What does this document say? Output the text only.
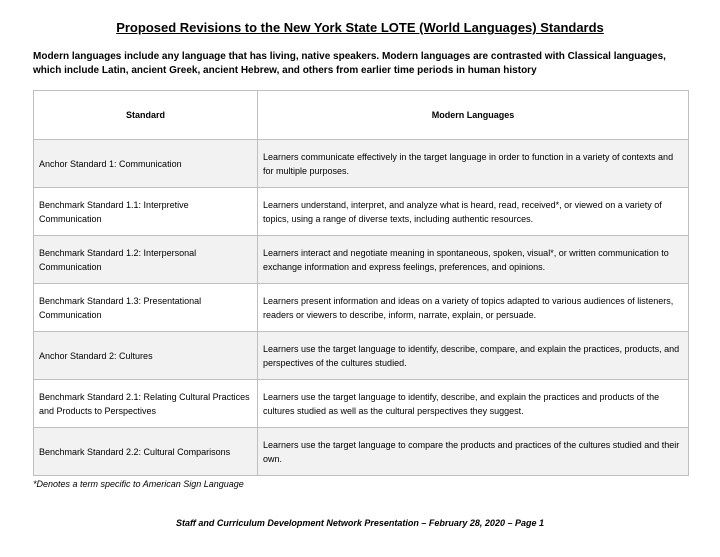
Proposed Revisions to the New York State LOTE (World Languages) Standards
Modern languages include any language that has living, native speakers. Modern languages are contrasted with Classical languages, which include Latin, ancient Greek, ancient Hebrew, and others from earlier time periods in human history
Standard	Modern Languages
Anchor Standard 1: Communication	Learners communicate effectively in the target language in order to function in a variety of contexts and for multiple purposes.
Benchmark Standard 1.1: Interpretive Communication	Learners understand, interpret, and analyze what is heard, read, received*, or viewed on a variety of topics, using a range of diverse texts, including authentic resources.
Benchmark Standard 1.2: Interpersonal Communication	Learners interact and negotiate meaning in spontaneous, spoken, visual*, or written communication to exchange information and express feelings, preferences, and opinions.
Benchmark Standard 1.3: Presentational Communication	Learners present information and ideas on a variety of topics adapted to various audiences of listeners, readers or viewers to describe, inform, narrate, explain, or persuade.
Anchor Standard 2: Cultures	Learners use the target language to identify, describe, compare, and explain the practices, products, and perspectives of the cultures studied.
Benchmark Standard 2.1: Relating Cultural Practices and Products to Perspectives	Learners use the target language to identify, describe, and explain the practices and products of the cultures studied as well as the cultural perspectives they suggest.
Benchmark Standard 2.2: Cultural Comparisons	Learners use the target language to compare the products and practices of the cultures studied and their own.
*Denotes a term specific to American Sign Language
Staff and Curriculum Development Network Presentation – February 28, 2020 – Page 1
